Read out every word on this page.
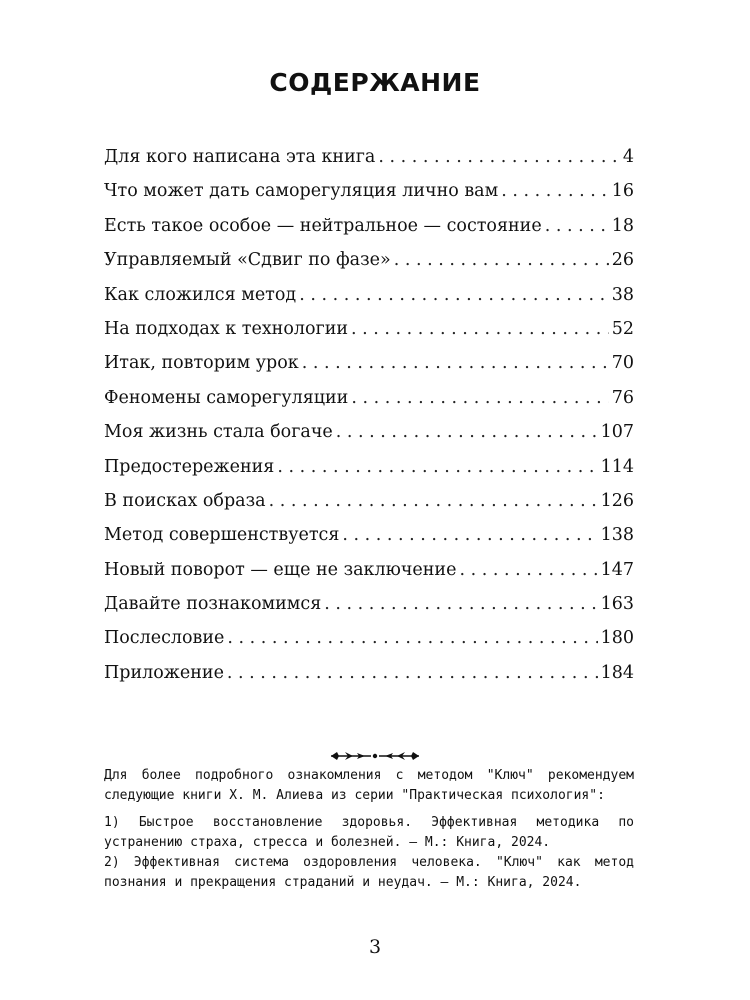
СОДЕРЖАНИЕ
Для кого написана эта книга . . .	4
Что может дать саморегуляция лично вам . . .	16
Есть такое особое — нейтральное — состояние . . .	18
Управляемый «Сдвиг по фазе» . . .	26
Как сложился метод . . .	38
На подходах к технологии . . .	52
Итак, повторим урок . . .	70
Феномены саморегуляции . . .	76
Моя жизнь стала богаче . . .	107
Предостережения . . .	114
В поисках образа . . .	126
Метод совершенствуется . . .	138
Новый поворот — еще не заключение . . .	147
Давайте познакомимся . . .	163
Послесловие . . .	180
Приложение . . .	184

Для более подробного ознакомления с методом "Ключ" рекомендуем следующие книги Х. М. Алиева из серии "Практическая психология":

1) Быстрое восстановление здоровья. Эффективная методика по устранению страха, стресса и болезней. — М.: Книга, 2024.

2) Эффективная система оздоровления человека. "Ключ" как метод познания и прекращения страданий и неудач. — М.: Книга, 2024.

3
